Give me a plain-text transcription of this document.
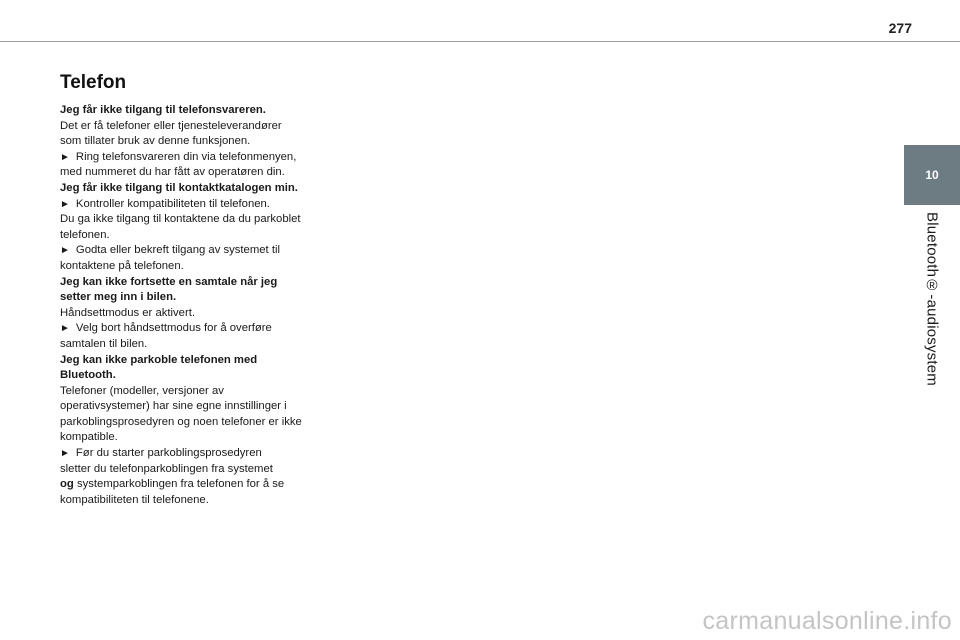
277
10
Bluetooth®-audiosystem
Telefon

Jeg får ikke tilgang til telefonsvareren.

Det er få telefoner eller tjenesteleverandører

som tillater bruk av denne funksjonen.

► Ring telefonsvareren din via telefonmenyen,

med nummeret du har fått av operatøren din.

Jeg får ikke tilgang til kontaktkatalogen min.

► Kontroller kompatibiliteten til telefonen.

Du ga ikke tilgang til kontaktene da du parkoblet

telefonen.

► Godta eller bekreft tilgang av systemet til

kontaktene på telefonen.

Jeg kan ikke fortsette en samtale når jeg

setter meg inn i bilen.

Håndsettmodus er aktivert.

► Velg bort håndsettmodus for å overføre

samtalen til bilen.

Jeg kan ikke parkoble telefonen med

Bluetooth.

Telefoner (modeller, versjoner av

operativsystemer) har sine egne innstillinger i

parkoblingsprosedyren og noen telefoner er ikke

kompatible.

► Før du starter parkoblingsprosedyren

sletter du telefonparkoblingen fra systemet

og systemparkoblingen fra telefonen for å se

kompatibiliteten til telefonene.

carmanualsonline.info
